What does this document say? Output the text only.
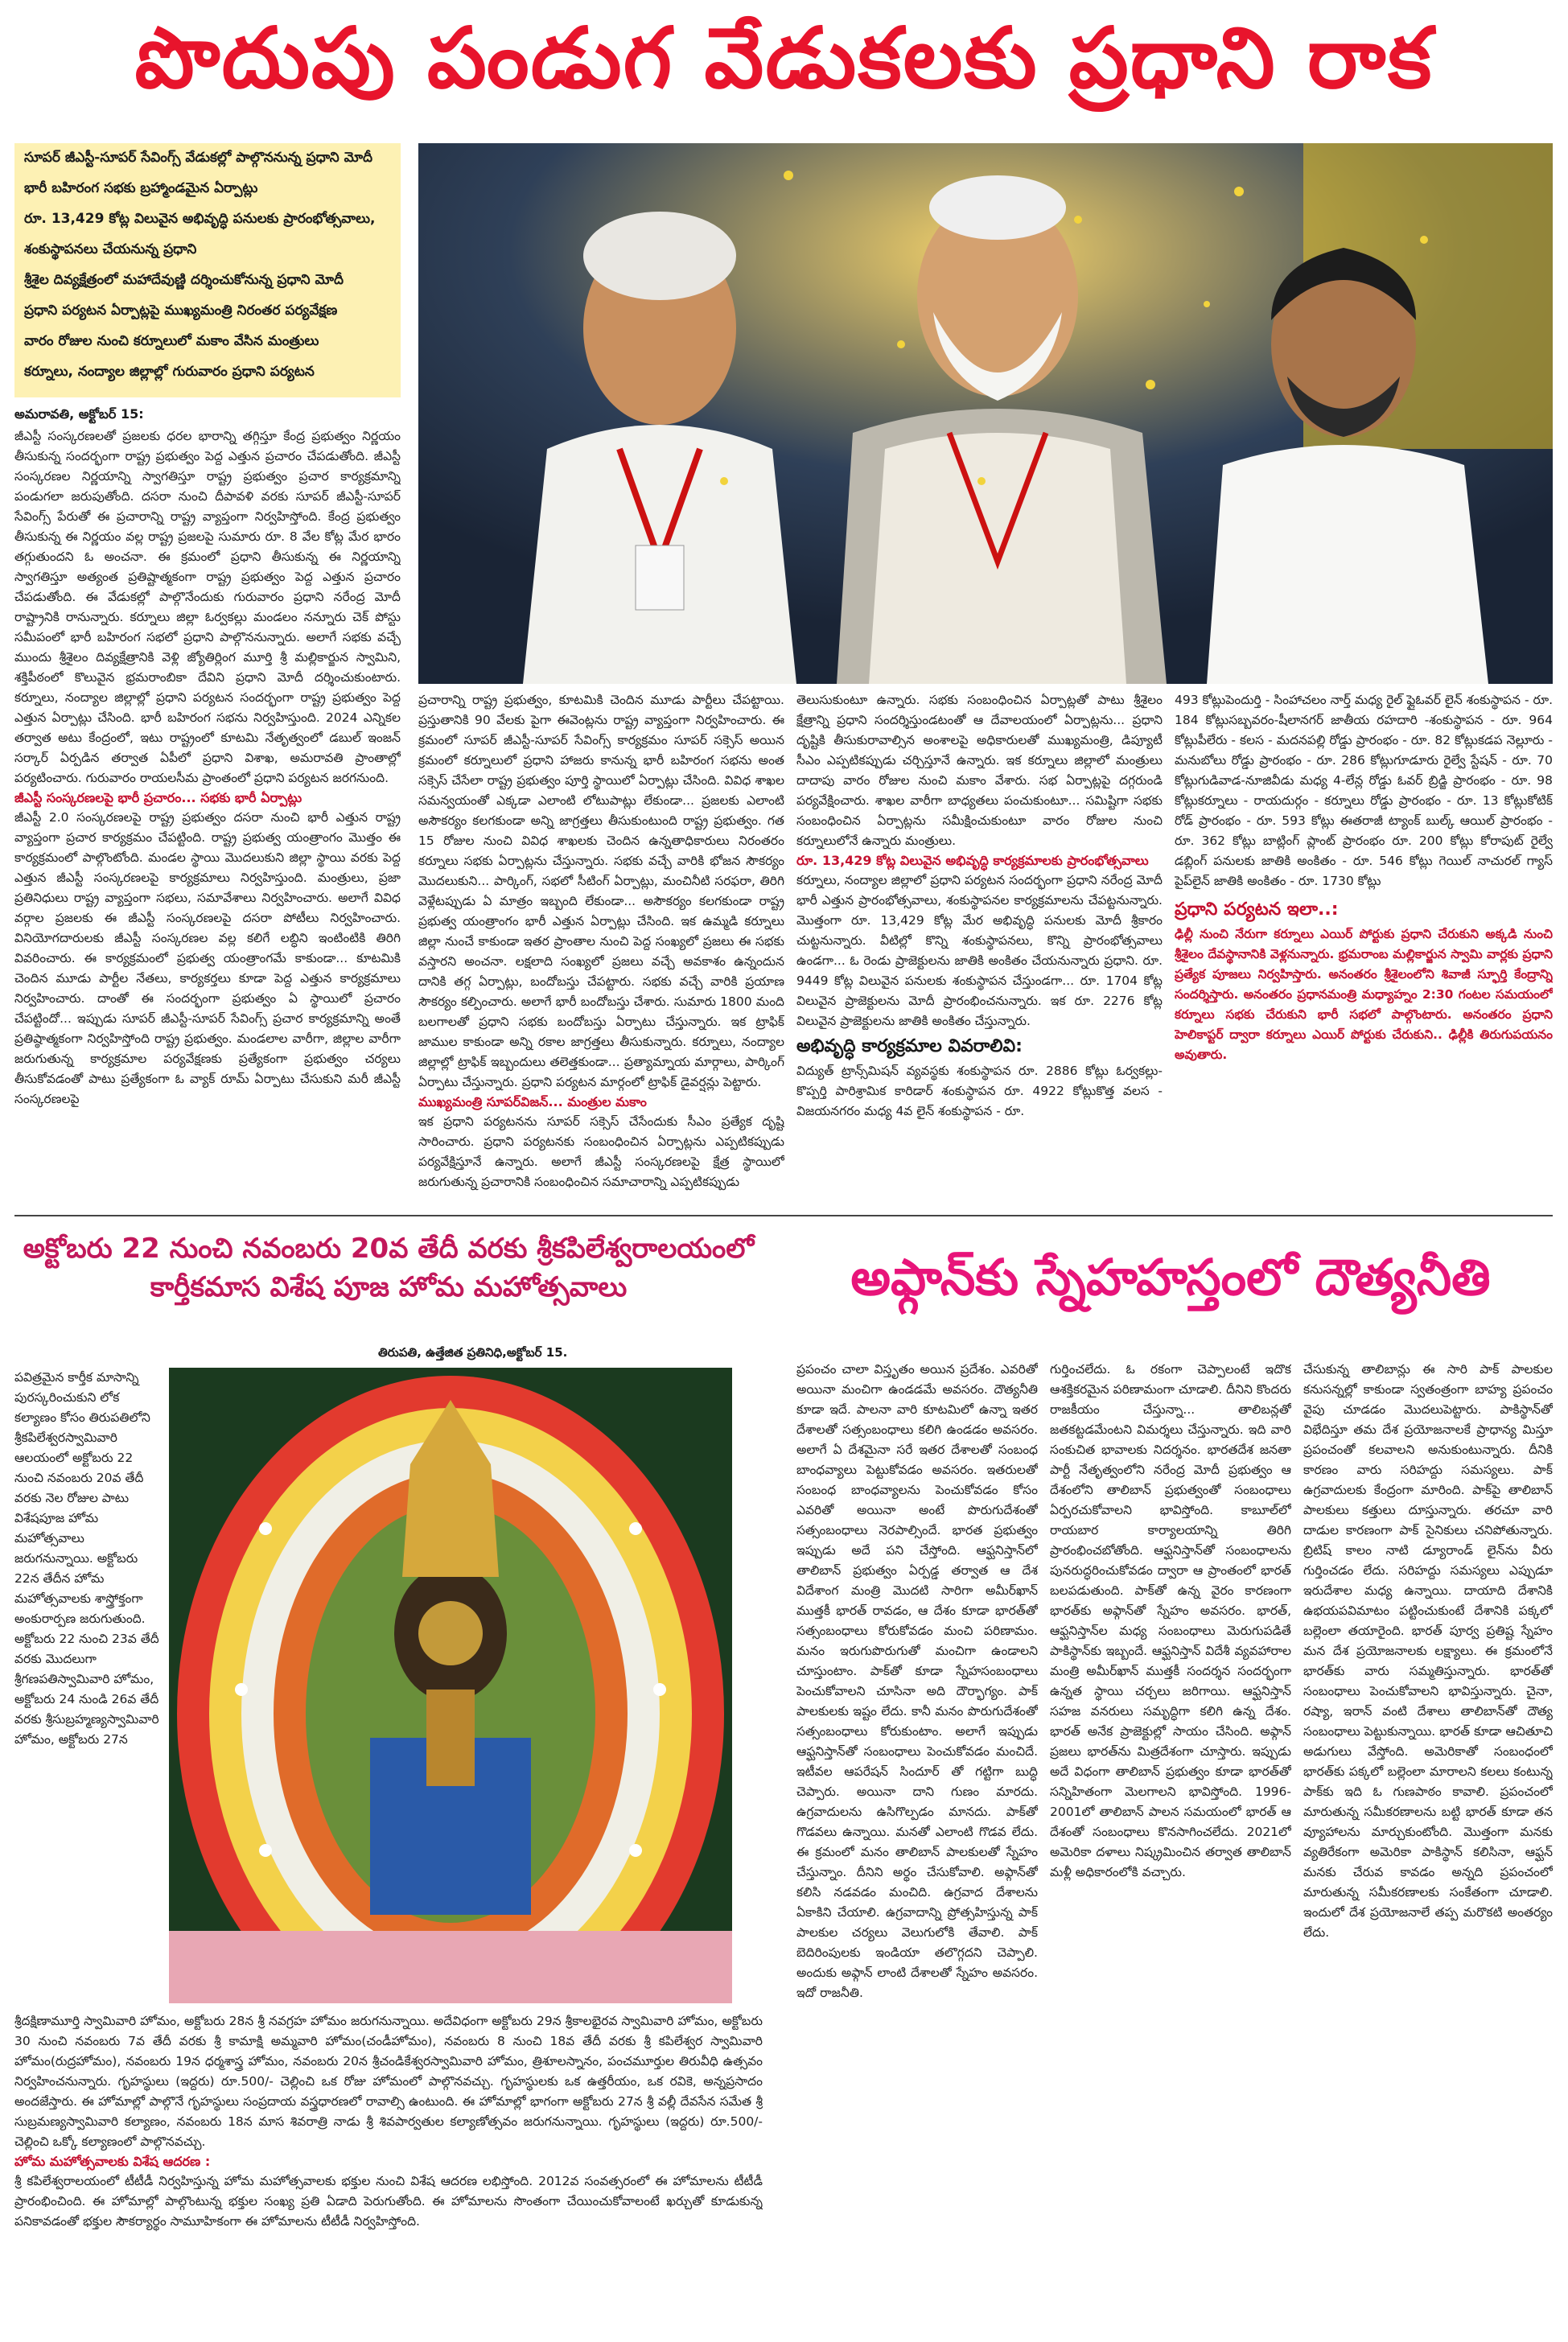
పొదుపు పండుగ వేడుకలకు ప్రధాని రాక
సూపర్ జీఎస్టీ-సూపర్ సేవింగ్స్ వేడుకల్లో పాల్గొననున్న ప్రధాని మోదీ
భారీ బహిరంగ సభకు బ్రహ్మాండమైన ఏర్పాట్లు
రూ. 13,429 కోట్ల విలువైన అభివృద్ధి పనులకు ప్రారంభోత్సవాలు,
శంకుస్థాపనలు చేయనున్న ప్రధాని
శ్రీశైల దివ్యక్షేత్రంలో మహాదేవుణ్ణి దర్శించుకోనున్న ప్రధాని మోదీ
ప్రధాని పర్యటన ఏర్పాట్లపై ముఖ్యమంత్రి నిరంతర పర్యవేక్షణ
వారం రోజుల నుంచి కర్నూలులో మకాం వేసిన మంత్రులు
కర్నూలు, నంద్యాల జిల్లాల్లో గురువారం ప్రధాని పర్యటన
అమరావతి, అక్టోబర్ 15:

జీఎస్టీ సంస్కరణలతో ప్రజలకు ధరల భారాన్ని తగ్గిస్తూ కేంద్ర ప్రభుత్వం నిర్ణయం తీసుకున్న సందర్భంగా రాష్ట్ర ప్రభుత్వం పెద్ద ఎత్తున ప్రచారం చేపడుతోంది. జీఎస్టీ సంస్కరణల నిర్ణయాన్ని స్వాగతిస్తూ రాష్ట్ర ప్రభుత్వం ప్రచార కార్యక్రమాన్ని పండుగలా జరుపుతోంది. దసరా నుంచి దీపావళి వరకు సూపర్ జీఎస్టీ-సూపర్ సేవింగ్స్ పేరుతో ఈ ప్రచారాన్ని రాష్ట్ర వ్యాప్తంగా నిర్వహిస్తోంది. కేంద్ర ప్రభుత్వం తీసుకున్న ఈ నిర్ణయం వల్ల రాష్ట్ర ప్రజలపై సుమారు రూ. 8 వేల కోట్ల మేర భారం తగ్గుతుందని ఓ అంచనా. ఈ క్రమంలో ప్రధాని తీసుకున్న ఈ నిర్ణయాన్ని స్వాగతిస్తూ అత్యంత ప్రతిష్టాత్మకంగా రాష్ట్ర ప్రభుత్వం పెద్ద ఎత్తున ప్రచారం చేపడుతోంది. ఈ వేడుకల్లో పాల్గొనేందుకు గురువారం ప్రధాని నరేంద్ర మోదీ రాష్ట్రానికి రానున్నారు. కర్నూలు జిల్లా ఓర్వకల్లు మండలం నన్నూరు చెక్ పోస్టు సమీపంలో భారీ బహిరంగ సభలో ప్రధాని పాల్గొననున్నారు. అలాగే సభకు వచ్చే ముందు శ్రీశైలం దివ్యక్షేత్రానికి వెళ్లి జ్యోతిర్లింగ మూర్తి శ్రీ మల్లికార్జున స్వామిని, శక్తిపీఠంలో కొలువైన భ్రమరాంబికా దేవిని ప్రధాని మోదీ దర్శించుకుంటారు. కర్నూలు, నంద్యాల జిల్లాల్లో ప్రధాని పర్యటన సందర్భంగా రాష్ట్ర ప్రభుత్వం పెద్ద ఎత్తున ఏర్పాట్లు చేసింది. భారీ బహిరంగ సభను నిర్వహిస్తుంది. 2024 ఎన్నికల తర్వాత అటు కేంద్రంలో, ఇటు రాష్ట్రంలో కూటమి నేతృత్వంలో డబుల్ ఇంజన్ సర్కార్ ఏర్పడిన తర్వాత ఏపీలో ప్రధాని విశాఖ, అమరావతి ప్రాంతాల్లో పర్యటించారు. గురువారం రాయలసీమ ప్రాంతంలో ప్రధాని పర్యటన జరగనుంది.

జీఎస్టీ సంస్కరణలపై భారీ ప్రచారం... సభకు భారీ ఏర్పాట్లు

జీఎస్టీ 2.0 సంస్కరణలపై రాష్ట్ర ప్రభుత్వం దసరా నుంచి భారీ ఎత్తున రాష్ట్ర వ్యాప్తంగా ప్రచార కార్యక్రమం చేపట్టింది. రాష్ట్ర ప్రభుత్వ యంత్రాంగం మొత్తం ఈ కార్యక్రమంలో పాల్గొంటోంది. మండల స్థాయి మొదలుకుని జిల్లా స్థాయి వరకు పెద్ద ఎత్తున జీఎస్టీ సంస్కరణలపై కార్యక్రమాలు నిర్వహిస్తుంది. మంత్రులు, ప్రజా ప్రతినిధులు రాష్ట్ర వ్యాప్తంగా సభలు, సమావేశాలు నిర్వహించారు. అలాగే వివిధ వర్గాల ప్రజలకు ఈ జీఎస్టీ సంస్కరణలపై దసరా పోటీలు నిర్వహించారు. వినియోగదారులకు జీఎస్టీ సంస్కరణల వల్ల కలిగే లబ్ధిని ఇంటింటికి తిరిగి వివరించారు. ఈ కార్యక్రమంలో ప్రభుత్వ యంత్రాంగమే కాకుండా... కూటమికి చెందిన మూడు పార్టీల నేతలు, కార్యకర్తలు కూడా పెద్ద ఎత్తున కార్యక్రమాలు నిర్వహించారు. దాంతో ఈ సందర్భంగా ప్రభుత్వం ఏ స్థాయిలో ప్రచారం చేపట్టిందో... ఇప్పుడు సూపర్ జీఎస్టీ-సూపర్ సేవింగ్స్ ప్రచార కార్యక్రమాన్ని అంతే ప్రతిష్ఠాత్మకంగా నిర్వహిస్తోంది రాష్ట్ర ప్రభుత్వం. మండలాల వారీగా, జిల్లాల వారీగా జరుగుతున్న కార్యక్రమాల పర్యవేక్షణకు ప్రత్యేకంగా ప్రభుత్వం చర్యలు తీసుకోవడంతో పాటు ప్రత్యేకంగా ఓ వ్యాక్ రూమ్ ఏర్పాటు చేసుకుని మరీ జీఎస్టీ సంస్కరణలపై

ప్రచారాన్ని రాష్ట్ర ప్రభుత్వం, కూటమికి చెందిన మూడు పార్టీలు చేపట్టాయి. ప్రస్తుతానికి 90 వేలకు పైగా ఈవెంట్లను రాష్ట్ర వ్యాప్తంగా నిర్వహించారు. ఈ క్రమంలో సూపర్ జీఎస్టీ-సూపర్ సేవింగ్స్ కార్యక్రమం సూపర్ సక్సెస్ అయిన క్రమంలో కర్నూలులో ప్రధాని హాజరు కానున్న భారీ బహిరంగ సభను అంత సక్సెస్ చేసేలా రాష్ట్ర ప్రభుత్వం పూర్తి స్థాయిలో ఏర్పాట్లు చేసింది. వివిధ శాఖల సమన్వయంతో ఎక్కడా ఎలాంటి లోటుపాట్లు లేకుండా... ప్రజలకు ఎలాంటి అసౌకర్యం కలగకుండా అన్ని జాగ్రత్తలు తీసుకుంటుంది రాష్ట్ర ప్రభుత్వం. గత 15 రోజుల నుంచి వివిధ శాఖలకు చెందిన ఉన్నతాధికారులు నిరంతరం కర్నూలు సభకు ఏర్పాట్లను చేస్తున్నారు. సభకు వచ్చే వారికి భోజన సౌకర్యం మొదలుకుని... పార్కింగ్, సభలో సీటింగ్ ఏర్పాట్లు, మంచినీటి సరఫరా, తిరిగి వెళ్లేటప్పుడు ఏ మాత్రం ఇబ్బంది లేకుండా... అసౌకర్యం కలగకుండా రాష్ట్ర ప్రభుత్వ యంత్రాంగం భారీ ఎత్తున ఏర్పాట్లు చేసింది. ఇక ఉమ్మడి కర్నూలు జిల్లా నుంచే కాకుండా ఇతర ప్రాంతాల నుంచి పెద్ద సంఖ్యలో ప్రజలు ఈ సభకు వస్తారని అంచనా. లక్షలాది సంఖ్యలో ప్రజలు వచ్చే అవకాశం ఉన్నందున దానికి తగ్గ ఏర్పాట్లు, బందోబస్తు చేపట్టారు. సభకు వచ్చే వారికి ప్రయాణ సౌకర్యం కల్పించారు. అలాగే భారీ బందోబస్తు చేశారు. సుమారు 1800 మంది బలగాలతో ప్రధాని సభకు బందోబస్తు ఏర్పాటు చేస్తున్నారు. ఇక ట్రాఫిక్ జాముల కాకుండా అన్ని రకాల జాగ్రత్తలు తీసుకున్నారు. కర్నూలు, నంద్యాల జిల్లాల్లో ట్రాఫిక్ ఇబ్బందులు తలెత్తకుండా... ప్రత్యామ్నాయ మార్గాలు, పార్కింగ్ ఏర్పాటు చేస్తున్నారు. ప్రధాని పర్యటన మార్గంలో ట్రాఫిక్ డైవర్షన్లు పెట్టారు.

ముఖ్యమంత్రి సూపర్‌విజన్... మంత్రుల మకాం

ఇక ప్రధాని పర్యటనను సూపర్ సక్సెస్ చేసేందుకు సీఎం ప్రత్యేక దృష్టి సారించారు. ప్రధాని పర్యటనకు సంబంధించిన ఏర్పాట్లను ఎప్పటికప్పుడు పర్యవేక్షిస్తూనే ఉన్నారు. అలాగే జీఎస్టీ సంస్కరణలపై క్షేత్ర స్థాయిలో జరుగుతున్న ప్రచారానికి సంబంధించిన సమాచారాన్ని ఎప్పటికప్పుడు

తెలుసుకుంటూ ఉన్నారు. సభకు సంబంధించిన ఏర్పాట్లతో పాటు శ్రీశైలం క్షేత్రాన్ని ప్రధాని సందర్శిస్తుండటంతో ఆ దేవాలయంలో ఏర్పాట్లను... ప్రధాని దృష్టికి తీసుకురావాల్సిన అంశాలపై అధికారులతో ముఖ్యమంత్రి, డిప్యూటీ సీఎం ఎప్పటికప్పుడు చర్చిస్తూనే ఉన్నారు. ఇక కర్నూలు జిల్లాలో మంత్రులు దాదాపు వారం రోజుల నుంచి మకాం వేశారు. సభ ఏర్పాట్లపై దగ్గరుండి పర్యవేక్షించారు. శాఖల వారీగా బాధ్యతలు పంచుకుంటూ... సమిష్టిగా సభకు సంబంధించిన ఏర్పాట్లను సమీక్షించుకుంటూ వారం రోజుల నుంచి కర్నూలులోనే ఉన్నారు మంత్రులు.

రూ. 13,429 కోట్ల విలువైన అభివృద్ధి కార్యక్రమాలకు ప్రారంభోత్సవాలు

కర్నూలు, నంద్యాల జిల్లాలో ప్రధాని పర్యటన సందర్భంగా ప్రధాని నరేంద్ర మోదీ భారీ ఎత్తున ప్రారంభోత్సవాలు, శంకుస్థాపనల కార్యక్రమాలను చేపట్టనున్నారు. మొత్తంగా రూ. 13,429 కోట్ల మేర అభివృద్ధి పనులకు మోదీ శ్రీకారం చుట్టనున్నారు. వీటిల్లో కొన్ని శంకుస్థాపనలు, కొన్ని ప్రారంభోత్సవాలు ఉండగా... ఓ రెండు ప్రాజెక్టులను జాతికి అంకితం చేయనున్నారు ప్రధాని. రూ. 9449 కోట్ల విలువైన పనులకు శంకుస్థాపన చేస్తుండగా... రూ. 1704 కోట్ల విలువైన ప్రాజెక్టులను మోదీ ప్రారంభించనున్నారు. ఇక రూ. 2276 కోట్ల విలువైన ప్రాజెక్టులను జాతికి అంకితం చేస్తున్నారు.

అభివృద్ధి కార్యక్రమాల వివరాలివి:

విద్యుత్ ట్రాన్స్‌మిషన్ వ్యవస్థకు శంకుస్థాపన రూ. 2886 కోట్లు ఓర్వకల్లు-కొప్పర్తి పారిశ్రామిక కారిడార్ శంకుస్థాపన రూ. 4922 కోట్లుకొత్త వలస - విజయనగరం మధ్య 4వ లైన్ శంకుస్థాపన - రూ.

493 కోట్లుపెందుర్తి - సింహాచలం నార్త్ మధ్య రైల్ ఫ్లైఓవర్ లైన్ శంకుస్థాపన - రూ. 184 కోట్లుసబ్బవరం-షీలానగర్ జాతీయ రహదారి -శంకుస్థాపన - రూ. 964 కోట్లుపీలేరు - కలస - మదనపల్లి రోడ్డు ప్రారంభం - రూ. 82 కోట్లుకడప నెల్లూరు - మనుబోలు రోడ్డు ప్రారంభం - రూ. 286 కోట్లుగూడూరు రైల్వే స్టేషన్ - రూ. 70 కోట్లుగుడివాడ-నూజివీడు మధ్య 4-లేన్ల రోడ్డు ఓవర్ బ్రిడ్జి ప్రారంభం - రూ. 98 కోట్లుకర్నూలు - రాయదుర్గం - కర్నూలు రోడ్డు ప్రారంభం - రూ. 13 కోట్లుకోటిక్ రోడ్ ప్రారంభం - రూ. 593 కోట్లు ఈతరాజీ ట్యాంక్ బుల్క్ ఆయిల్ ప్రారంభం - రూ. 362 కోట్లు బాట్లింగ్ ప్లాంట్ ప్రారంభం రూ. 200 కోట్లు కోరాపుట్ రైల్వే డబ్లింగ్ పనులకు జాతికి అంకితం - రూ. 546 కోట్లు గెయిల్ నాచురల్ గ్యాస్ పైప్‌లైన్ జాతికి అంకితం - రూ. 1730 కోట్లు

ప్రధాని పర్యటన ఇలా..:

ఢిల్లీ నుంచి నేరుగా కర్నూలు ఎయిర్ పోర్టుకు ప్రధాని చేరుకుని అక్కడి నుంచి శ్రీశైలం దేవస్థానానికి వెళ్లనున్నారు. భ్రమరాంబ మల్లికార్జున స్వామి వార్లకు ప్రధాని ప్రత్యేక పూజలు నిర్వహిస్తారు. అనంతరం శ్రీశైలంలోని శివాజీ స్ఫూర్తి కేంద్రాన్ని సందర్శిస్తారు. అనంతరం ప్రధానమంత్రి మధ్యాహ్నం 2:30 గంటల సమయంలో కర్నూలు సభకు చేరుకుని భారీ సభలో పాల్గొంటారు. అనంతరం ప్రధాని హెలికాప్టర్ ద్వారా కర్నూలు ఎయిర్ పోర్టుకు చేరుకుని.. ఢిల్లీకి తిరుగుపయనం అవుతారు.

అక్టోబరు 22 నుంచి నవంబరు 20వ తేదీ వరకు శ్రీకపిలేశ్వరాలయంలో
కార్తీకమాస విశేష పూజ హోమ మహోత్సవాలు	అఫ్గాన్‌కు స్నేహహస్తంలో దౌత్యనీతి
తిరుపతి, ఉత్తేజిత ప్రతినిధి,అక్టోబర్ 15.

పవిత్రమైన కార్తీక మాసాన్ని పురస్కరించుకుని లోక కల్యాణం కోసం తిరుపతిలోని శ్రీకపిలేశ్వరస్వామివారి ఆలయంలో అక్టోబరు 22 నుంచి నవంబరు 20వ తేదీ వరకు నెల రోజుల పాటు విశేషపూజ హోమ మహోత్సవాలు జరుగనున్నాయి. అక్టోబరు 22న తేదీన హోమ మహోత్సవాలకు శాస్త్రోక్తంగా అంకురార్పణ జరుగుతుంది. అక్టోబరు 22 నుంచి 23వ తేదీ వరకు మొదలుగా శ్రీగణపతిస్వామివారి హోమం, అక్టోబరు 24 నుండి 26వ తేదీ వరకు శ్రీసుబ్రహ్మణ్యస్వామివారి హోమం, అక్టోబరు 27న

శ్రీదక్షిణామూర్తి స్వామివారి హోమం, అక్టోబరు 28న శ్రీ నవగ్రహ హోమం జరుగనున్నాయి. అదేవిధంగా అక్టోబరు 29న శ్రీకాలభైరవ స్వామివారి హోమం, అక్టోబరు 30 నుంచి నవంబరు 7వ తేదీ వరకు శ్రీ కామాక్షి అమ్మవారి హోమం(చండీహోమం), నవంబరు 8 నుంచి 18వ తేదీ వరకు శ్రీ కపిలేశ్వర స్వామివారి హోమం(రుద్రహోమం), నవంబరు 19న ధర్మశాస్త్ర హోమం, నవంబరు 20న శ్రీచండికేశ్వరస్వామివారి హోమం, త్రిశూలస్నానం, పంచమూర్తుల తిరువీధి ఉత్సవం నిర్వహించనున్నారు. గృహస్థులు (ఇద్దరు) రూ.500/- చెల్లించి ఒక రోజు హోమంలో పాల్గొనవచ్చు. గృహస్థులకు ఒక ఉత్తరీయం, ఒక రవికె, అన్నప్రసాదం అందజేస్తారు. ఈ హోమాల్లో పాల్గొనే గృహస్థులు సంప్రదాయ వస్త్రధారణలో రావాల్సి ఉంటుంది. ఈ హోమాల్లో భాగంగా అక్టోబరు 27న శ్రీ వల్లీ దేవసేన సమేత శ్రీ సుబ్రమణ్యస్వామివారి కల్యాణం, నవంబరు 18న మాస శివరాత్రి నాడు శ్రీ శివపార్వతుల కల్యాణోత్సవం జరుగనున్నాయి. గృహస్థులు (ఇద్దరు) రూ.500/- చెల్లించి ఒక్కో కల్యాణంలో పాల్గొనవచ్చు.

హోమ మహోత్సవాలకు విశేష ఆదరణ :

శ్రీ కపిలేశ్వరాలయంలో టీటీడీ నిర్వహిస్తున్న హోమ మహోత్సవాలకు భక్తుల నుంచి విశేష ఆదరణ లభిస్తోంది. 2012వ సంవత్సరంలో ఈ హోమాలను టీటీడీ ప్రారంభించింది. ఈ హోమాల్లో పాల్గొంటున్న భక్తుల సంఖ్య ప్రతి ఏడాది పెరుగుతోంది. ఈ హోమాలను సొంతంగా చేయించుకోవాలంటే ఖర్చుతో కూడుకున్న పనికావడంతో భక్తుల సౌకర్యార్థం సామూహికంగా ఈ హోమాలను టీటీడీ నిర్వహిస్తోంది.

ప్రపంచం చాలా విస్తృతం అయిన ప్రదేశం. ఎవరితో అయినా మంచిగా ఉండడమే అవసరం. దౌత్యనీతి కూడా ఇదే. పాలనా వారి కూటమిలో ఉన్నా ఇతర దేశాలతో సత్సంబంధాలు కలిగి ఉండడం అవసరం. అలాగే ఏ దేశమైనా సరే ఇతర దేశాలతో సంబంధ బాంధవ్యాలు పెట్టుకోవడం అవసరం. ఇతరులతో సంబంధ బాంధవ్యాలను పెంచుకోవడం కోసం ఎవరితో అయినా అంటే పొరుగుదేశంతో సత్సంబంధాలు నెరపాల్సిందే. భారత ప్రభుత్వం ఇప్పుడు అదే పని చేస్తోంది. ఆఫ్ఘనిస్తాన్‌లో తాలిబాన్ ప్రభుత్వం ఏర్పడ్డ తర్వాత ఆ దేశ విదేశాంగ మంత్రి మొదటి సారిగా అమీర్‌ఖాన్ ముత్తకీ భారత్ రావడం, ఆ దేశం కూడా భారత్‌తో సత్సంబంధాలు కోరుకోవడం మంచి పరిణామం. మనం ఇరుగుపొరుగుతో మంచిగా ఉండాలని చూస్తుంటాం. పాక్‌తో కూడా స్నేహసంబంధాలు పెంచుకోవాలని చూసినా అది దౌర్భాగ్యం. పాక్ పాలకులకు ఇష్టం లేదు. కానీ మనం పొరుగుదేశంతో సత్సంబంధాలు కోరుకుంటాం. అలాగే ఇప్పుడు ఆఫ్ఘనిస్తాన్‌తో సంబంధాలు పెంచుకోవడం మంచిదే. ఇటీవల ఆపరేషన్ సిందూర్ తో గట్టిగా బుద్ధి చెప్పారు. అయినా దాని గుణం మారదు. ఉగ్రవాదులను ఉసిగొల్పడం మానదు. పాక్‌తో గొడవలు ఉన్నాయి. మనతో ఎలాంటి గొడవ లేదు. ఈ క్రమంలో మనం తాలిబాన్ పాలకులతో స్నేహం చేస్తున్నాం. దీనిని అర్థం చేసుకోవాలి. అఫ్గాన్‌తో కలిసి నడవడం మంచిది. ఉగ్రవాద దేశాలను ఏకాకిని చేయాలి. ఉగ్రవాదాన్ని ప్రోత్సహిస్తున్న పాక్ పాలకుల చర్యలు వెలుగులోకి తేవాలి. పాక్ బెదిరింపులకు ఇండియా తలొగ్గదని చెప్పాలి. అందుకు అఫ్గాన్ లాంటి దేశాలతో స్నేహం అవసరం. ఇదో రాజనీతి.

గుర్తించలేదు. ఓ రకంగా చెప్పాలంటే ఇదొక ఆశక్తికరమైన పరిణామంగా చూడాలి. దీనిని కొందరు రాజకీయం చేస్తున్నా... తాలిబన్లతో జతకట్టడమేంటని విమర్శలు చేస్తున్నారు. ఇది వారి సంకుచిత భావాలకు నిదర్శనం. భారతదేశ జనతా పార్టీ నేతృత్వంలోని నరేంద్ర మోదీ ప్రభుత్వం ఆ దేశంలోని తాలిబాన్ ప్రభుత్వంతో సంబంధాలు ఏర్పరచుకోవాలని భావిస్తోంది. కాబూల్‌లో రాయబార కార్యాలయాన్ని తిరిగి ప్రారంభించబోతోంది. ఆఫ్ఘనిస్తాన్‌తో సంబంధాలను పునరుద్ధరించుకోవడం ద్వారా ఆ ప్రాంతంలో భారత్ బలపడుతుంది. పాక్‌తో ఉన్న వైరం కారణంగా భారత్‌కు అఫ్గాన్‌తో స్నేహం అవసరం. భారత్, ఆఫ్ఘనిస్తాన్‌ల మధ్య సంబంధాలు మెరుగుపడితే పాకిస్థాన్‌కు ఇబ్బందే. ఆఫ్ఘనిస్తాన్ విదేశీ వ్యవహారాల మంత్రి అమీర్‌ఖాన్ ముత్తకీ సందర్శన సందర్భంగా ఉన్నత స్థాయి చర్చలు జరిగాయి. ఆఫ్ఘనిస్తాన్ సహజ వనరులు సమృద్ధిగా కలిగి ఉన్న దేశం. భారత్ అనేక ప్రాజెక్టుల్లో సాయం చేసింది. అఫ్గాన్ ప్రజలు భారత్‌ను మిత్రదేశంగా చూస్తారు. ఇప్పుడు అదే విధంగా తాలిబాన్ ప్రభుత్వం కూడా భారత్‌తో సన్నిహితంగా మెలగాలని భావిస్తోంది. 1996-2001లో తాలిబాన్ పాలన సమయంలో భారత్ ఆ దేశంతో సంబంధాలు కొనసాగించలేదు. 2021లో అమెరికా దళాలు నిష్క్రమించిన తర్వాత తాలిబాన్ మళ్లీ అధికారంలోకి వచ్చారు.

చేసుకున్న తాలిబాన్లు ఈ సారి పాక్ పాలకుల కనుసన్నల్లో కాకుండా స్వతంత్రంగా బాహ్య ప్రపంచం వైపు చూడడం మొదలుపెట్టారు. పాకిస్థాన్‌తో విభేదిస్తూ తమ దేశ ప్రయోజనాలకే ప్రాధాన్య మిస్తూ ప్రపంచంతో కలవాలని అనుకుంటున్నారు. దీనికి కారణం వారు సరిహద్దు సమస్యలు. పాక్ ఉగ్రవాదులకు కేంద్రంగా మారింది. పాక్‌పై తాలిబాన్ పాలకులు కత్తులు దూస్తున్నారు. తరచూ వారి దాడుల కారణంగా పాక్ సైనికులు చనిపోతున్నారు. బ్రిటిష్ కాలం నాటి డ్యూరాండ్ లైన్‌ను వీరు గుర్తించడం లేదు. సరిహద్దు సమస్యలు ఎప్పుడూ ఇరుదేశాల మధ్య ఉన్నాయి. దాయాది దేశానికి ఉభయపవిమాటం పట్టించుకుంటే దేశానికి పక్కలో బల్లెంలా తయారైంది. భారత్ పూర్వ ప్రతిష్ట స్నేహం మన దేశ ప్రయోజనాలకు లక్ష్యాలు. ఈ క్రమంలోనే భారత్‌కు వారు సమ్మతిస్తున్నారు. భారత్‌తో సంబంధాలు పెంచుకోవాలని భావిస్తున్నారు. చైనా, రష్యా, ఇరాన్ వంటి దేశాలు తాలిబాన్‌తో దౌత్య సంబంధాలు పెట్టుకున్నాయి. భారత్ కూడా ఆచితూచి అడుగులు వేస్తోంది. అమెరికాతో సంబంధంలో భారత్‌కు పక్కలో బల్లెంలా మారాలని కలలు కంటున్న పాక్‌కు ఇది ఓ గుణపాఠం కావాలి. ప్రపంచంలో మారుతున్న సమీకరణాలను బట్టి భారత్ కూడా తన వ్యూహాలను మార్చుకుంటోంది. మొత్తంగా మనకు వ్యతిరేకంగా అమెరికా పాకిస్థాన్ కలిసినా, ఆఫ్ఘన్ మనకు చేరువ కావడం అన్నది ప్రపంచంలో మారుతున్న సమీకరణాలకు సంకేతంగా చూడాలి. ఇందులో దేశ ప్రయోజనాలే తప్ప మరొకటి అంతర్యం లేదు.
